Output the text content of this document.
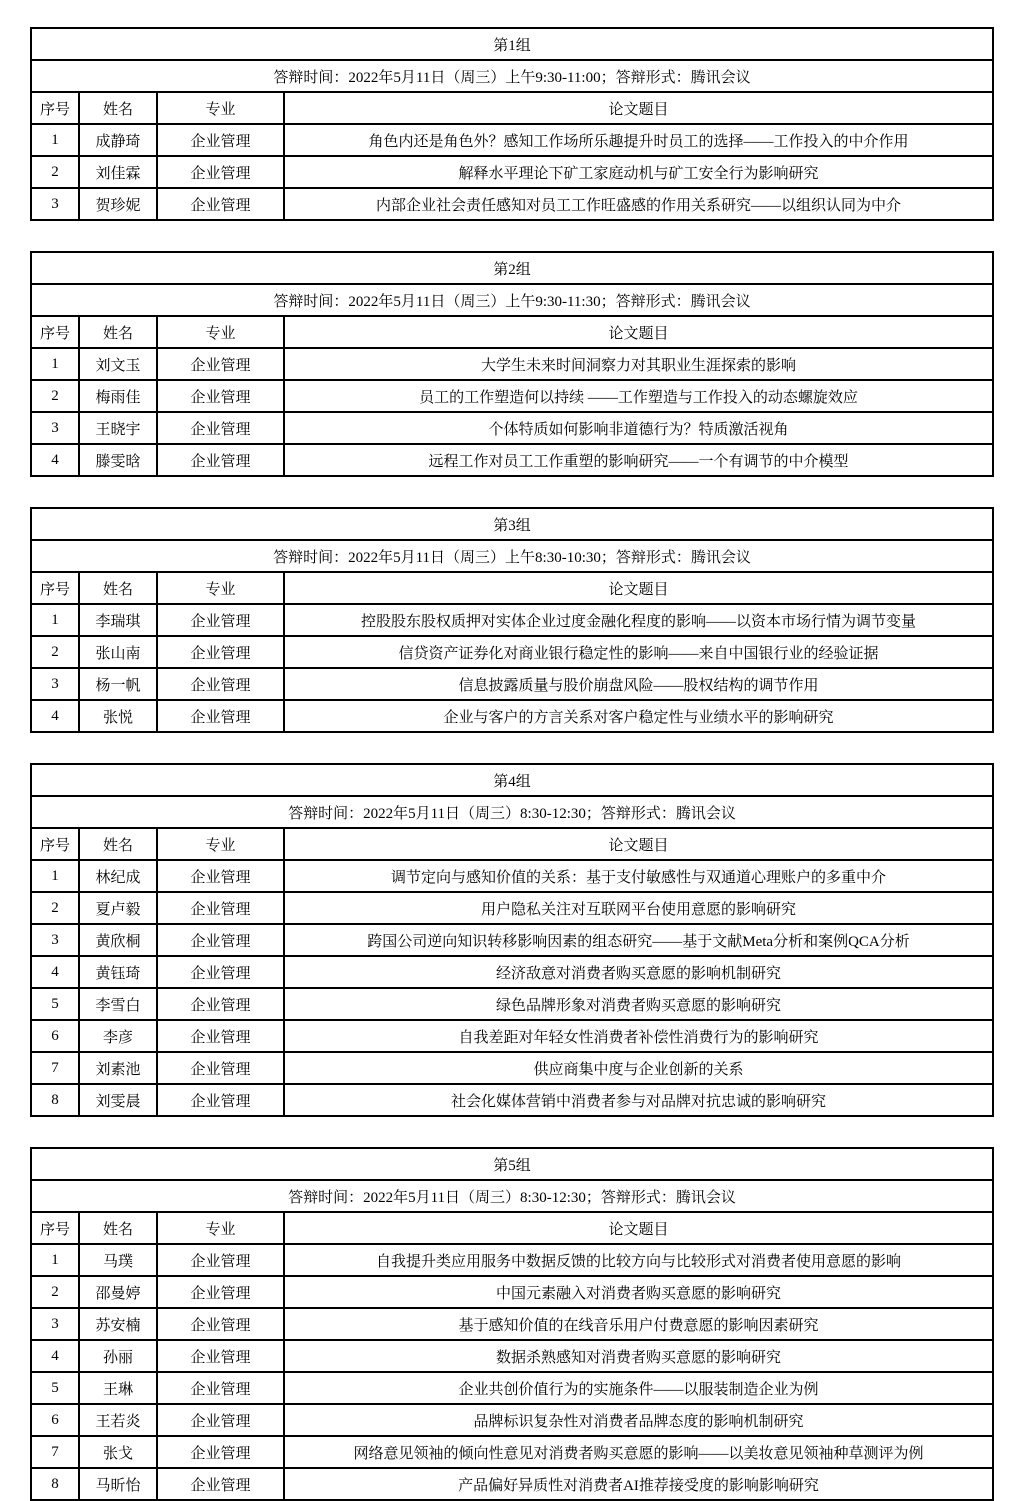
第1组			
答辩时间：2022年5月11日（周三）上午9:30-11:00；答辩形式：腾讯会议			
序号	姓名	专业	论文题目
1	成静琦	企业管理	角色内还是角色外？感知工作场所乐趣提升时员工的选择——工作投入的中介作用
2	刘佳霖	企业管理	解释水平理论下矿工家庭动机与矿工安全行为影响研究
3	贺珍妮	企业管理	内部企业社会责任感知对员工工作旺盛感的作用关系研究——以组织认同为中介
第2组			
答辩时间：2022年5月11日（周三）上午9:30-11:30；答辩形式：腾讯会议			
序号	姓名	专业	论文题目
1	刘文玉	企业管理	大学生未来时间洞察力对其职业生涯探索的影响
2	梅雨佳	企业管理	员工的工作塑造何以持续 ——工作塑造与工作投入的动态螺旋效应
3	王晓宇	企业管理	个体特质如何影响非道德行为？特质激活视角
4	滕雯晗	企业管理	远程工作对员工工作重塑的影响研究——一个有调节的中介模型
第3组			
答辩时间：2022年5月11日（周三）上午8:30-10:30；答辩形式：腾讯会议			
序号	姓名	专业	论文题目
1	李瑞琪	企业管理	控股股东股权质押对实体企业过度金融化程度的影响——以资本市场行情为调节变量
2	张山南	企业管理	信贷资产证券化对商业银行稳定性的影响——来自中国银行业的经验证据
3	杨一帆	企业管理	信息披露质量与股价崩盘风险——股权结构的调节作用
4	张悦	企业管理	企业与客户的方言关系对客户稳定性与业绩水平的影响研究
第4组			
答辩时间：2022年5月11日（周三）8:30-12:30；答辩形式：腾讯会议			
序号	姓名	专业	论文题目
1	林纪成	企业管理	调节定向与感知价值的关系：基于支付敏感性与双通道心理账户的多重中介
2	夏卢毅	企业管理	用户隐私关注对互联网平台使用意愿的影响研究
3	黄欣桐	企业管理	跨国公司逆向知识转移影响因素的组态研究——基于文献Meta分析和案例QCA分析
4	黄钰琦	企业管理	经济敌意对消费者购买意愿的影响机制研究
5	李雪白	企业管理	绿色品牌形象对消费者购买意愿的影响研究
6	李彦	企业管理	自我差距对年轻女性消费者补偿性消费行为的影响研究
7	刘素池	企业管理	供应商集中度与企业创新的关系
8	刘雯晨	企业管理	社会化媒体营销中消费者参与对品牌对抗忠诚的影响研究
第5组			
答辩时间：2022年5月11日（周三）8:30-12:30；答辩形式：腾讯会议			
序号	姓名	专业	论文题目
1	马璞	企业管理	自我提升类应用服务中数据反馈的比较方向与比较形式对消费者使用意愿的影响
2	邵曼婷	企业管理	中国元素融入对消费者购买意愿的影响研究
3	苏安楠	企业管理	基于感知价值的在线音乐用户付费意愿的影响因素研究
4	孙丽	企业管理	数据杀熟感知对消费者购买意愿的影响研究
5	王琳	企业管理	企业共创价值行为的实施条件——以服装制造企业为例
6	王若炎	企业管理	品牌标识复杂性对消费者品牌态度的影响机制研究
7	张戈	企业管理	网络意见领袖的倾向性意见对消费者购买意愿的影响——以美妆意见领袖种草测评为例
8	马昕怡	企业管理	产品偏好异质性对消费者AI推荐接受度的影响影响研究
